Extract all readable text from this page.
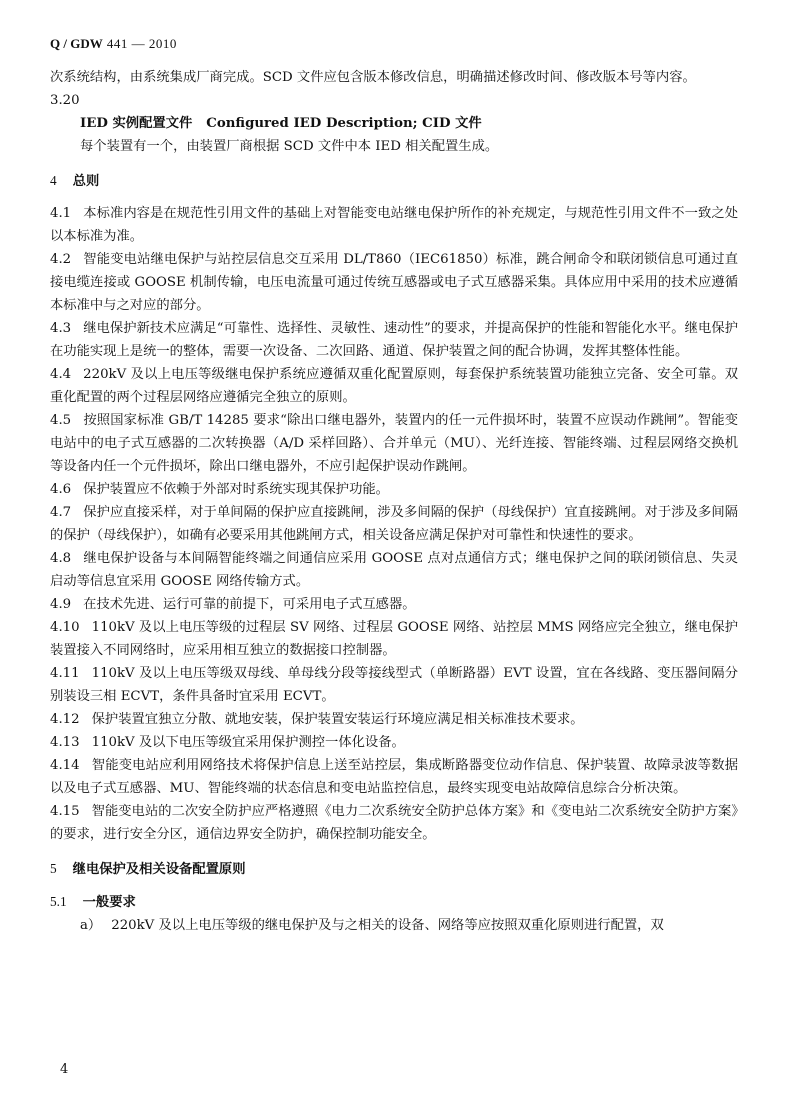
Q / GDW 441 — 2010

次系统结构，由系统集成厂商完成。SCD 文件应包含版本修改信息，明确描述修改时间、修改版本号等内容。

3.20

IED 实例配置文件 Configured IED Description; CID 文件

每个装置有一个，由装置厂商根据 SCD 文件中本 IED 相关配置生成。

4 总则

4.1 本标准内容是在规范性引用文件的基础上对智能变电站继电保护所作的补充规定，与规范性引用文件不一致之处以本标准为准。

4.2 智能变电站继电保护与站控层信息交互采用 DL/T860（IEC61850）标准，跳合闸命令和联闭锁信息可通过直接电缆连接或 GOOSE 机制传输，电压电流量可通过传统互感器或电子式互感器采集。具体应用中采用的技术应遵循本标准中与之对应的部分。

4.3 继电保护新技术应满足“可靠性、选择性、灵敏性、速动性”的要求，并提高保护的性能和智能化水平。继电保护在功能实现上是统一的整体，需要一次设备、二次回路、通道、保护装置之间的配合协调，发挥其整体性能。

4.4 220kV 及以上电压等级继电保护系统应遵循双重化配置原则，每套保护系统装置功能独立完备、安全可靠。双重化配置的两个过程层网络应遵循完全独立的原则。

4.5 按照国家标准 GB/T 14285 要求“除出口继电器外，装置内的任一元件损坏时，装置不应误动作跳闸”。智能变电站中的电子式互感器的二次转换器（A/D 采样回路）、合并单元（MU）、光纤连接、智能终端、过程层网络交换机等设备内任一个元件损坏，除出口继电器外，不应引起保护误动作跳闸。

4.6 保护装置应不依赖于外部对时系统实现其保护功能。

4.7 保护应直接采样，对于单间隔的保护应直接跳闸，涉及多间隔的保护（母线保护）宜直接跳闸。对于涉及多间隔的保护（母线保护），如确有必要采用其他跳闸方式，相关设备应满足保护对可靠性和快速性的要求。

4.8 继电保护设备与本间隔智能终端之间通信应采用 GOOSE 点对点通信方式；继电保护之间的联闭锁信息、失灵启动等信息宜采用 GOOSE 网络传输方式。

4.9 在技术先进、运行可靠的前提下，可采用电子式互感器。

4.10 110kV 及以上电压等级的过程层 SV 网络、过程层 GOOSE 网络、站控层 MMS 网络应完全独立，继电保护装置接入不同网络时，应采用相互独立的数据接口控制器。

4.11 110kV 及以上电压等级双母线、单母线分段等接线型式（单断路器）EVT 设置，宜在各线路、变压器间隔分别装设三相 ECVT，条件具备时宜采用 ECVT。

4.12 保护装置宜独立分散、就地安装，保护装置安装运行环境应满足相关标准技术要求。

4.13 110kV 及以下电压等级宜采用保护测控一体化设备。

4.14 智能变电站应利用网络技术将保护信息上送至站控层，集成断路器变位动作信息、保护装置、故障录波等数据以及电子式互感器、MU、智能终端的状态信息和变电站监控信息，最终实现变电站故障信息综合分析决策。

4.15 智能变电站的二次安全防护应严格遵照《电力二次系统安全防护总体方案》和《变电站二次系统安全防护方案》的要求，进行安全分区，通信边界安全防护，确保控制功能安全。

5 继电保护及相关设备配置原则

5.1 一般要求

a） 220kV 及以上电压等级的继电保护及与之相关的设备、网络等应按照双重化原则进行配置，双

4
